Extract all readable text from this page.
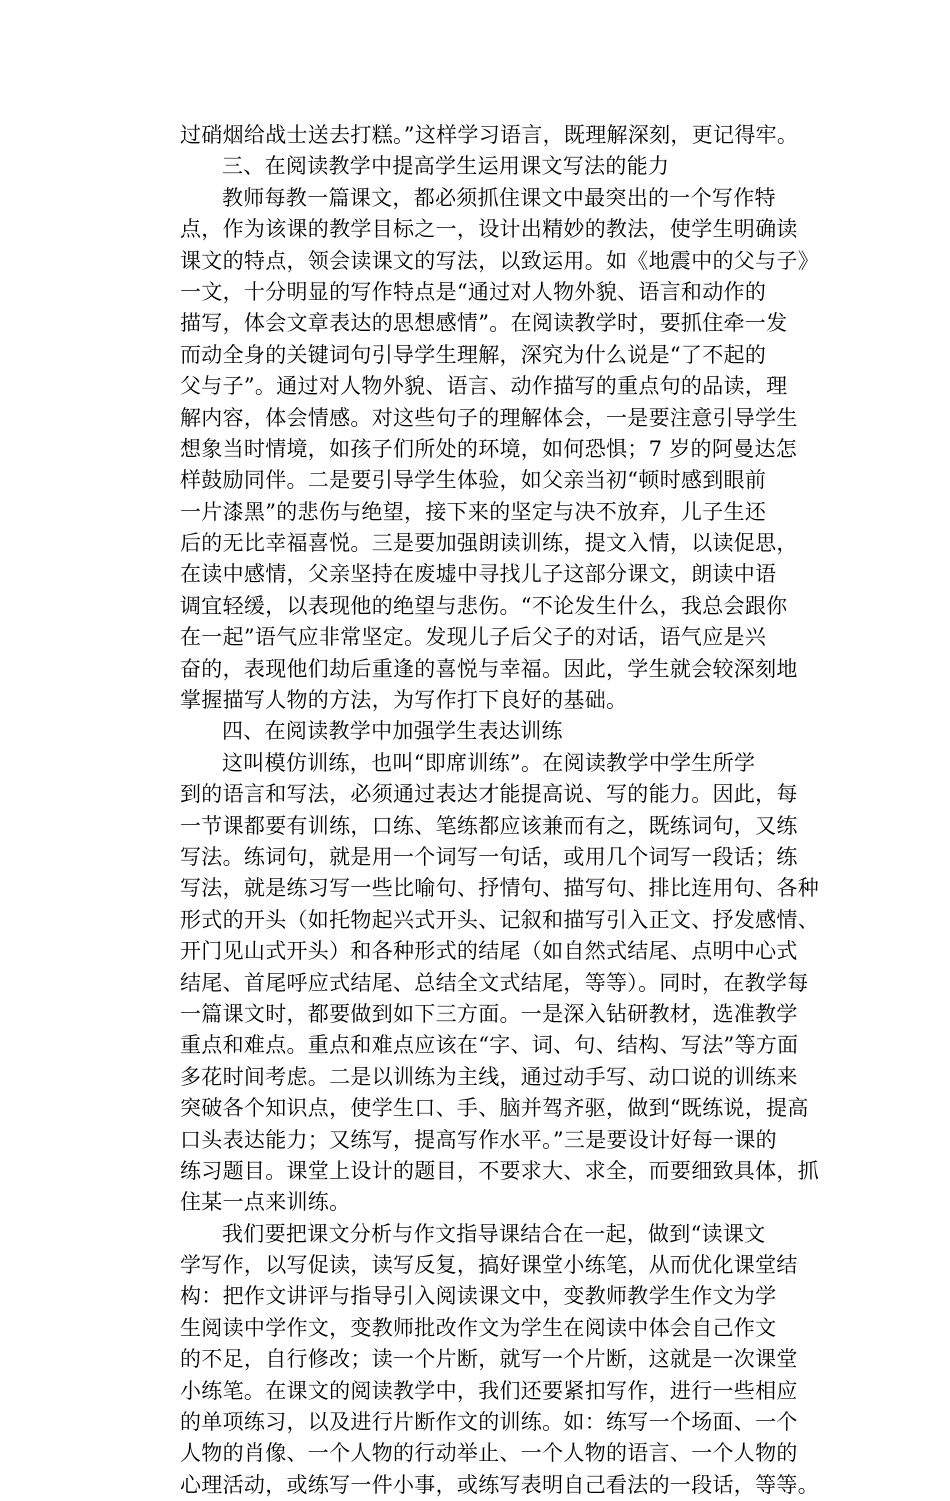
过硝烟给战士送去打糕。”这样学习语言，既理解深刻，更记得牢。
三、在阅读教学中提高学生运用课文写法的能力
教师每教一篇课文，都必须抓住课文中最突出的一个写作特
点，作为该课的教学目标之一，设计出精妙的教法，使学生明确读
课文的特点，领会读课文的写法，以致运用。如《地震中的父与子》
一文，十分明显的写作特点是“通过对人物外貌、语言和动作的
描写，体会文章表达的思想感情”。在阅读教学时，要抓住牵一发
而动全身的关键词句引导学生理解，深究为什么说是“了不起的
父与子”。通过对人物外貌、语言、动作描写的重点句的品读，理
解内容，体会情感。对这些句子的理解体会，一是要注意引导学生
想象当时情境，如孩子们所处的环境，如何恐惧；7 岁的阿曼达怎
样鼓励同伴。二是要引导学生体验，如父亲当初“顿时感到眼前
一片漆黑”的悲伤与绝望，接下来的坚定与决不放弃，儿子生还
后的无比幸福喜悦。三是要加强朗读训练，提文入情，以读促思，
在读中感情，父亲坚持在废墟中寻找儿子这部分课文，朗读中语
调宜轻缓，以表现他的绝望与悲伤。“不论发生什么，我总会跟你
在一起”语气应非常坚定。发现儿子后父子的对话，语气应是兴
奋的，表现他们劫后重逢的喜悦与幸福。因此，学生就会较深刻地
掌握描写人物的方法，为写作打下良好的基础。
四、在阅读教学中加强学生表达训练
这叫模仿训练，也叫“即席训练”。在阅读教学中学生所学
到的语言和写法，必须通过表达才能提高说、写的能力。因此，每
一节课都要有训练，口练、笔练都应该兼而有之，既练词句，又练
写法。练词句，就是用一个词写一句话，或用几个词写一段话；练
写法，就是练习写一些比喻句、抒情句、描写句、排比连用句、各种
形式的开头（如托物起兴式开头、记叙和描写引入正文、抒发感情、
开门见山式开头）和各种形式的结尾（如自然式结尾、点明中心式
结尾、首尾呼应式结尾、总结全文式结尾，等等）。同时，在教学每
一篇课文时，都要做到如下三方面。一是深入钻研教材，选准教学
重点和难点。重点和难点应该在“字、词、句、结构、写法”等方面
多花时间考虑。二是以训练为主线，通过动手写、动口说的训练来
突破各个知识点，使学生口、手、脑并驾齐驱，做到“既练说，提高
口头表达能力；又练写，提高写作水平。”三是要设计好每一课的
练习题目。课堂上设计的题目，不要求大、求全，而要细致具体，抓
住某一点来训练。
我们要把课文分析与作文指导课结合在一起，做到“读课文
学写作，以写促读，读写反复，搞好课堂小练笔，从而优化课堂结
构：把作文讲评与指导引入阅读课文中，变教师教学生作文为学
生阅读中学作文，变教师批改作文为学生在阅读中体会自己作文
的不足，自行修改；读一个片断，就写一个片断，这就是一次课堂
小练笔。在课文的阅读教学中，我们还要紧扣写作，进行一些相应
的单项练习，以及进行片断作文的训练。如：练写一个场面、一个
人物的肖像、一个人物的行动举止、一个人物的语言、一个人物的
心理活动，或练写一件小事，或练写表明自己看法的一段话，等等。
